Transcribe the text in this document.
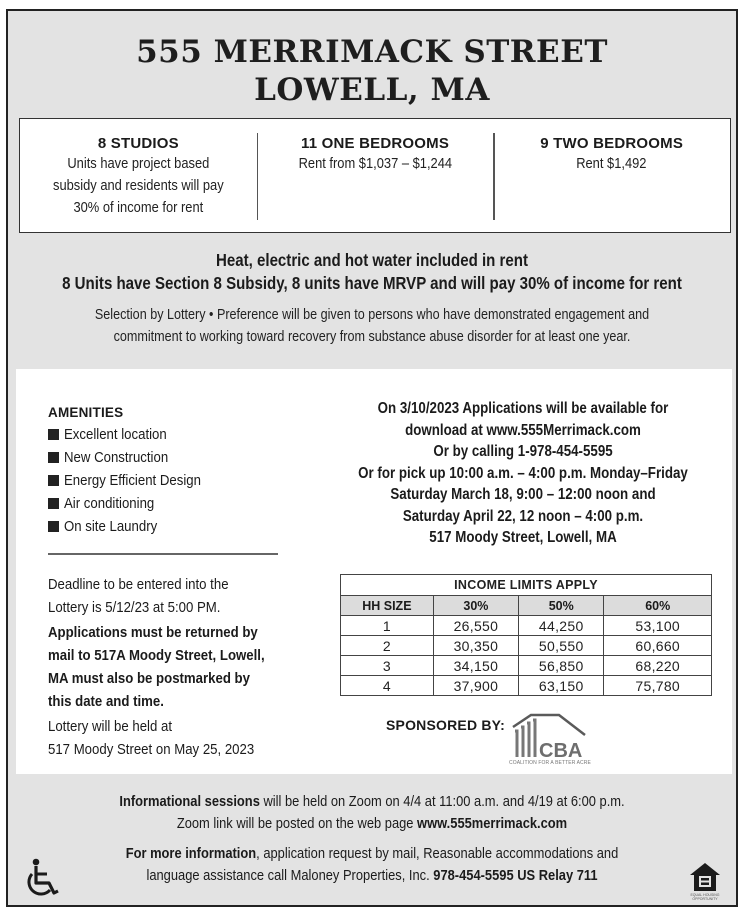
555 MERRIMACK STREET
LOWELL, MA
8 STUDIOS
Units have project based
subsidy and residents will pay
30% of income for rent
11 ONE BEDROOMS
Rent from $1,037 – $1,244
9 TWO BEDROOMS
Rent $1,492
Heat, electric and hot water included in rent
8 Units have Section 8 Subsidy, 8 units have MRVP and will pay 30% of income for rent
Selection by Lottery • Preference will be given to persons who have demonstrated engagement and
commitment to working toward recovery from substance abuse disorder for at least one year.
AMENITIES
Excellent location
New Construction
Energy Efficient Design
Air conditioning
On site Laundry
Deadline to be entered into the
Lottery is 5/12/23 at 5:00 PM.
Applications must be returned by
mail to 517A Moody Street, Lowell,
MA must also be postmarked by
this date and time.
Lottery will be held at
517 Moody Street on May 25, 2023
On 3/10/2023 Applications will be available for
download at www.555Merrimack.com
Or by calling 1-978-454-5595
Or for pick up 10:00 a.m. – 4:00 p.m. Monday–Friday
Saturday March 18, 9:00 – 12:00 noon and
Saturday April 22, 12 noon – 4:00 p.m.
517 Moody Street, Lowell, MA
INCOME LIMITS APPLY			
HH SIZE	30%	50%	60%
1	26,550	44,250	53,100
2	30,350	50,550	60,660
3	34,150	56,850	68,220
4	37,900	63,150	75,780
SPONSORED BY:
CBA
COALITION FOR A BETTER ACRE
Informational sessions will be held on Zoom on 4/4 at 11:00 a.m. and 4/19 at 6:00 p.m.
Zoom link will be posted on the web page www.555merrimack.com
For more information, application request by mail, Reasonable accommodations and
language assistance call Maloney Properties, Inc. 978-454-5595 US Relay 711
EQUAL HOUSING OPPORTUNITY
